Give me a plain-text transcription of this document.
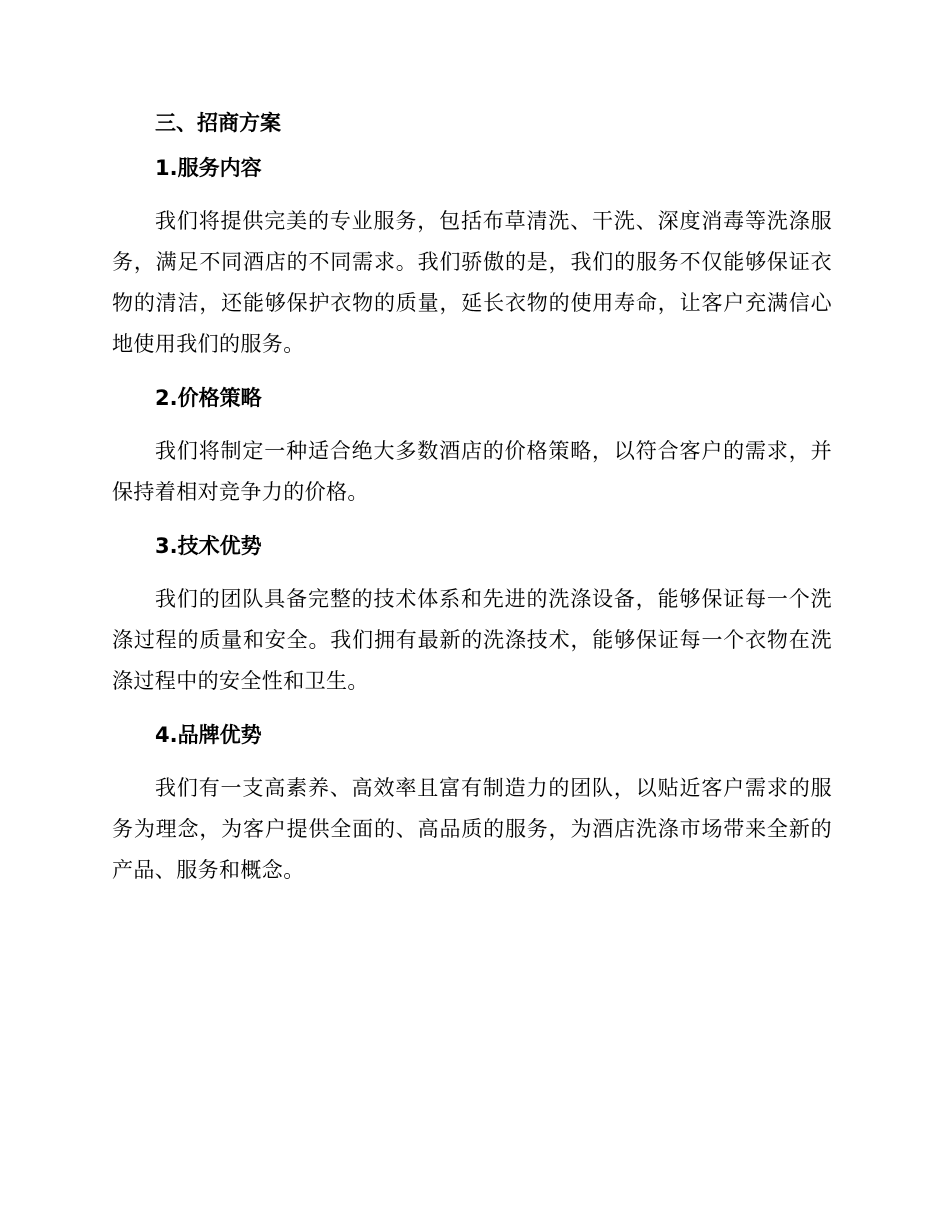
三、招商方案
1.服务内容

我们将提供完美的专业服务，包括布草清洗、干洗、深度消毒等洗涤服务，满足不同酒店的不同需求。我们骄傲的是，我们的服务不仅能够保证衣物的清洁，还能够保护衣物的质量，延长衣物的使用寿命，让客户充满信心地使用我们的服务。

2.价格策略

我们将制定一种适合绝大多数酒店的价格策略，以符合客户的需求，并保持着相对竞争力的价格。

3.技术优势

我们的团队具备完整的技术体系和先进的洗涤设备，能够保证每一个洗涤过程的质量和安全。我们拥有最新的洗涤技术，能够保证每一个衣物在洗涤过程中的安全性和卫生。

4.品牌优势

我们有一支高素养、高效率且富有制造力的团队，以贴近客户需求的服务为理念，为客户提供全面的、高品质的服务，为酒店洗涤市场带来全新的产品、服务和概念。
